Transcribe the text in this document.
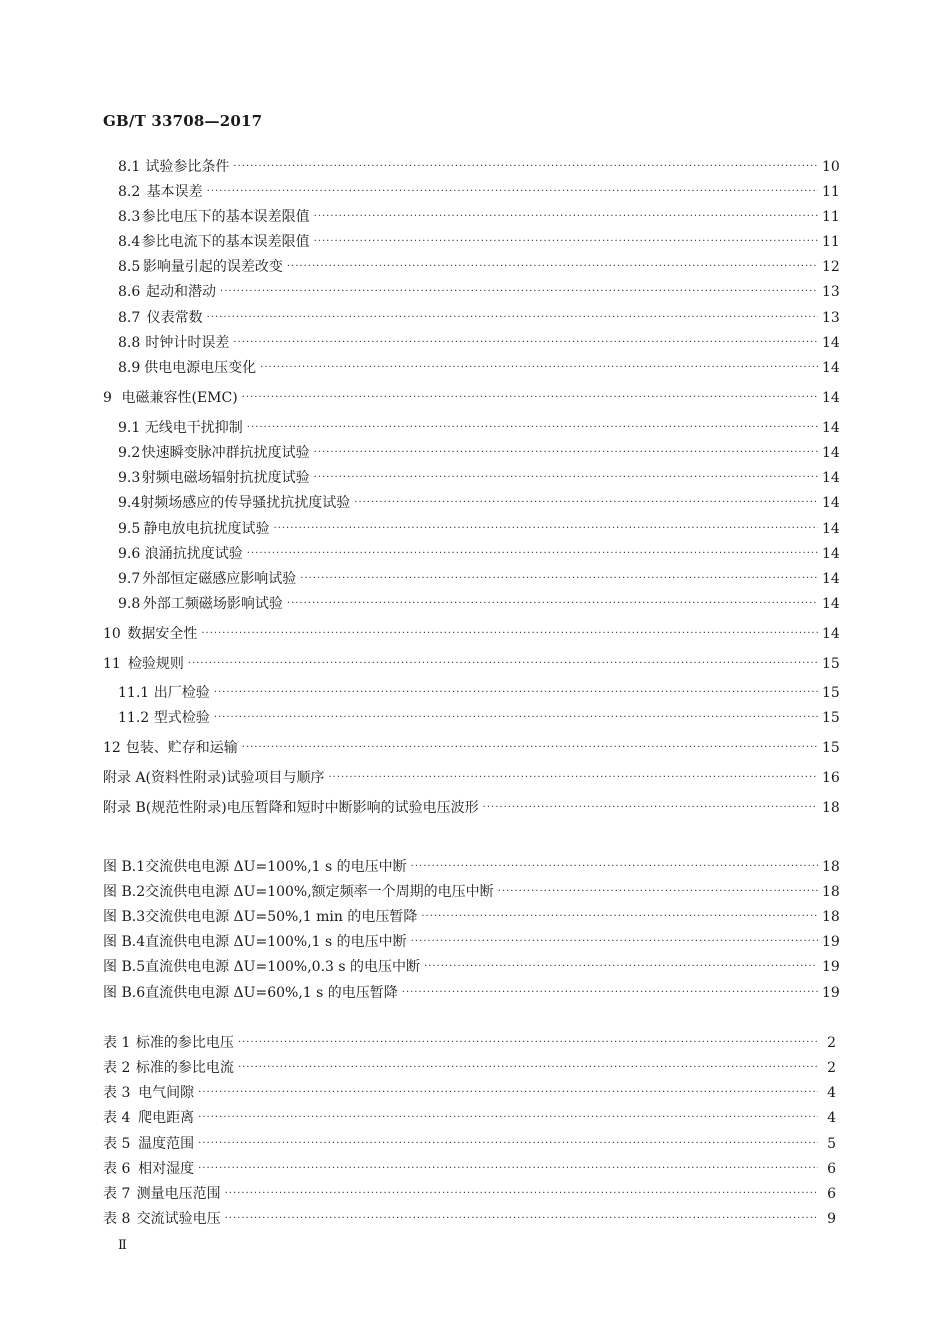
GB/T 33708—2017
8.1 试验参比条件 ·····	10
8.2 基本误差 ·····	11
8.3 参比电压下的基本误差限值 ·····	11
8.4 参比电流下的基本误差限值 ·····	11
8.5 影响量引起的误差改变 ·····	12
8.6 起动和潜动 ·····	13
8.7 仪表常数 ·····	13
8.8 时钟计时误差 ·····	14
8.9 供电电源电压变化 ·····	14
9 电磁兼容性(EMC) ·····	14
9.1 无线电干扰抑制 ·····	14
9.2 快速瞬变脉冲群抗扰度试验 ·····	14
9.3 射频电磁场辐射抗扰度试验 ·····	14
9.4 射频场感应的传导骚扰抗扰度试验 ·····	14
9.5 静电放电抗扰度试验 ·····	14
9.6 浪涌抗扰度试验 ·····	14
9.7 外部恒定磁感应影响试验 ·····	14
9.8 外部工频磁场影响试验 ·····	14
10 数据安全性 ·····	14
11 检验规则 ·····	15
11.1 出厂检验 ·····	15
11.2 型式检验 ·····	15
12 包装、贮存和运输 ·····	15
附录 A(资料性附录) 试验项目与顺序 ·····	16
附录 B(规范性附录) 电压暂降和短时中断影响的试验电压波形 ·····	18
图 B.1 交流供电电源 ΔU=100%,1 s 的电压中断 ·····	18
图 B.2 交流供电电源 ΔU=100%,额定频率一个周期的电压中断 ·····	18
图 B.3 交流供电电源 ΔU=50%,1 min 的电压暂降 ·····	18
图 B.4 直流供电电源 ΔU=100%,1 s 的电压中断 ·····	19
图 B.5 直流供电电源 ΔU=100%,0.3 s 的电压中断 ·····	19
图 B.6 直流供电电源 ΔU=60%,1 s 的电压暂降 ·····	19
表 1 标准的参比电压 ·····	2
表 2 标准的参比电流 ·····	2
表 3 电气间隙 ·····	4
表 4 爬电距离 ·····	4
表 5 温度范围 ·····	5
表 6 相对湿度 ·····	6
表 7 测量电压范围 ·····	6
表 8 交流试验电压 ·····	9
Ⅱ
